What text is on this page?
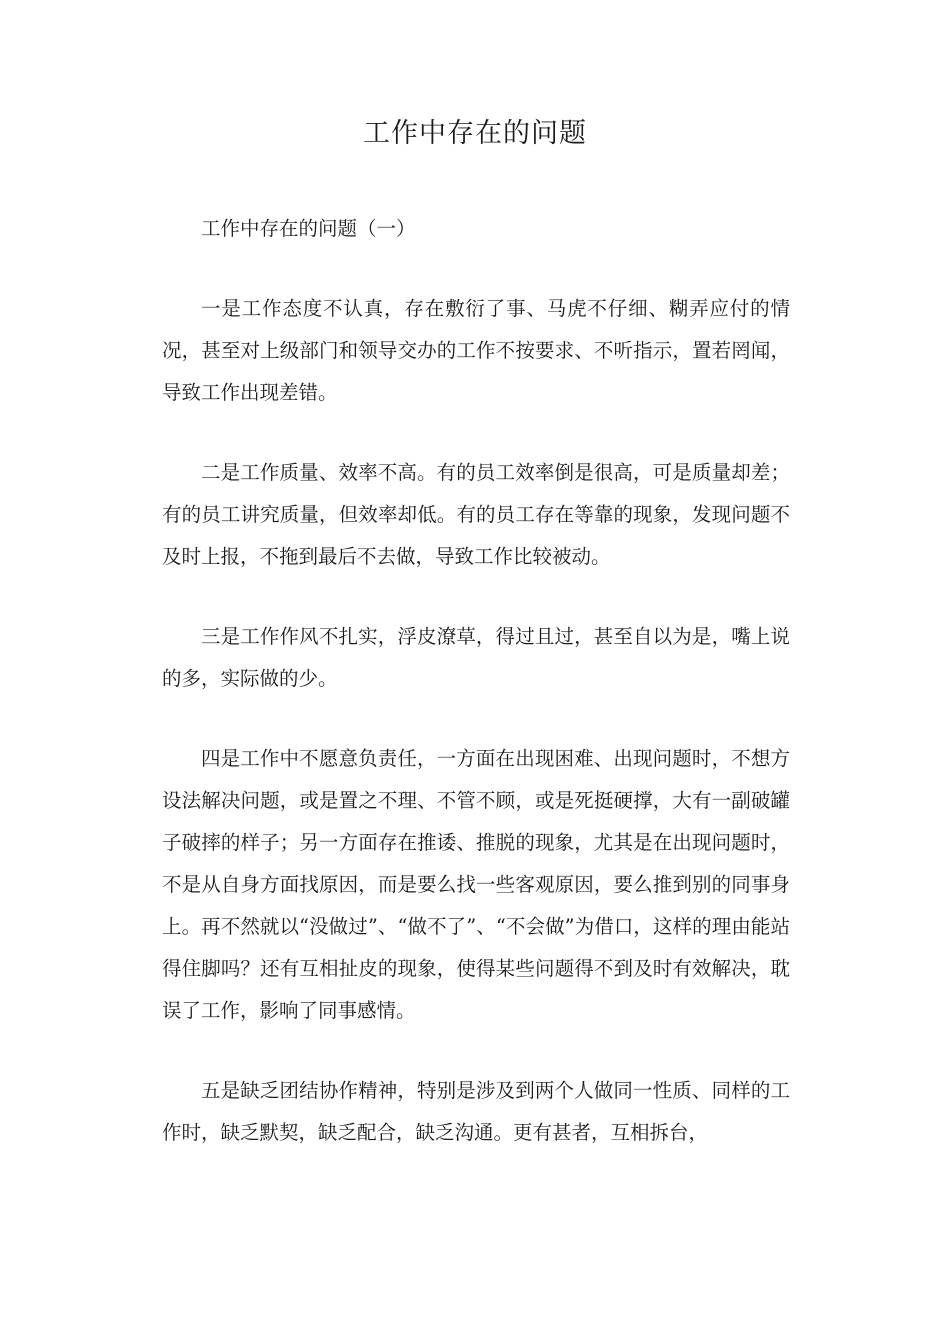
工作中存在的问题

工作中存在的问题（一）

一是工作态度不认真，存在敷衍了事、马虎不仔细、糊弄应付的情况，甚至对上级部门和领导交办的工作不按要求、不听指示，置若罔闻，导致工作出现差错。

二是工作质量、效率不高。有的员工效率倒是很高，可是质量却差；有的员工讲究质量，但效率却低。有的员工存在等靠的现象，发现问题不及时上报，不拖到最后不去做，导致工作比较被动。

三是工作作风不扎实，浮皮潦草，得过且过，甚至自以为是，嘴上说的多，实际做的少。

四是工作中不愿意负责任，一方面在出现困难、出现问题时，不想方设法解决问题，或是置之不理、不管不顾，或是死挺硬撑，大有一副破罐子破摔的样子；另一方面存在推诿、推脱的现象，尤其是在出现问题时，不是从自身方面找原因，而是要么找一些客观原因，要么推到别的同事身上。再不然就以“没做过”、“做不了”、“不会做”为借口，这样的理由能站得住脚吗？还有互相扯皮的现象，使得某些问题得不到及时有效解决，耽误了工作，影响了同事感情。

五是缺乏团结协作精神，特别是涉及到两个人做同一性质、同样的工作时，缺乏默契，缺乏配合，缺乏沟通。更有甚者，互相拆台，
